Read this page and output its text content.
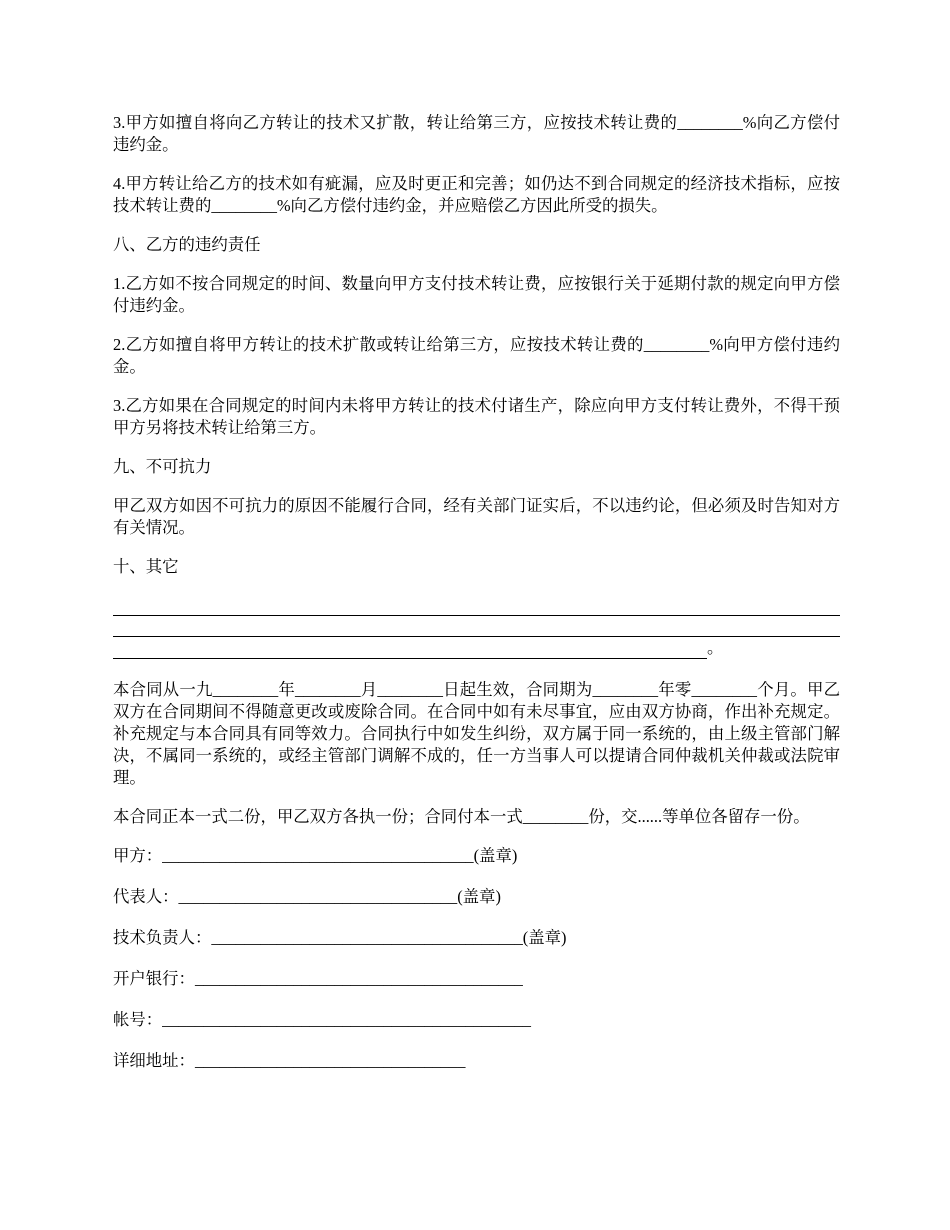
3.甲方如擅自将向乙方转让的技术又扩散，转让给第三方，应按技术转让费的________%向乙方偿付违约金。

4.甲方转让给乙方的技术如有疵漏，应及时更正和完善；如仍达不到合同规定的经济技术指标，应按技术转让费的________%向乙方偿付违约金，并应赔偿乙方因此所受的损失。

八、乙方的违约责任

1.乙方如不按合同规定的时间、数量向甲方支付技术转让费，应按银行关于延期付款的规定向甲方偿付违约金。

2.乙方如擅自将甲方转让的技术扩散或转让给第三方，应按技术转让费的________%向甲方偿付违约金。

3.乙方如果在合同规定的时间内未将甲方转让的技术付诸生产，除应向甲方支付转让费外，不得干预甲方另将技术转让给第三方。

九、不可抗力

甲乙双方如因不可抗力的原因不能履行合同，经有关部门证实后，不以违约论，但必须及时告知对方有关情况。

十、其它

。

本合同从一九________年________月________日起生效，合同期为________年零________个月。甲乙双方在合同期间不得随意更改或废除合同。在合同中如有未尽事宜，应由双方协商，作出补充规定。补充规定与本合同具有同等效力。合同执行中如发生纠纷，双方属于同一系统的，由上级主管部门解决，不属同一系统的，或经主管部门调解不成的，任一方当事人可以提请合同仲裁机关仲裁或法院审理。

本合同正本一式二份，甲乙双方各执一份；合同付本一式________份，交......等单位各留存一份。

甲方：______________________________________(盖章)
代表人：__________________________________(盖章)
技术负责人：______________________________________(盖章)
开户银行：________________________________________
帐号：_____________________________________________
详细地址：_________________________________
